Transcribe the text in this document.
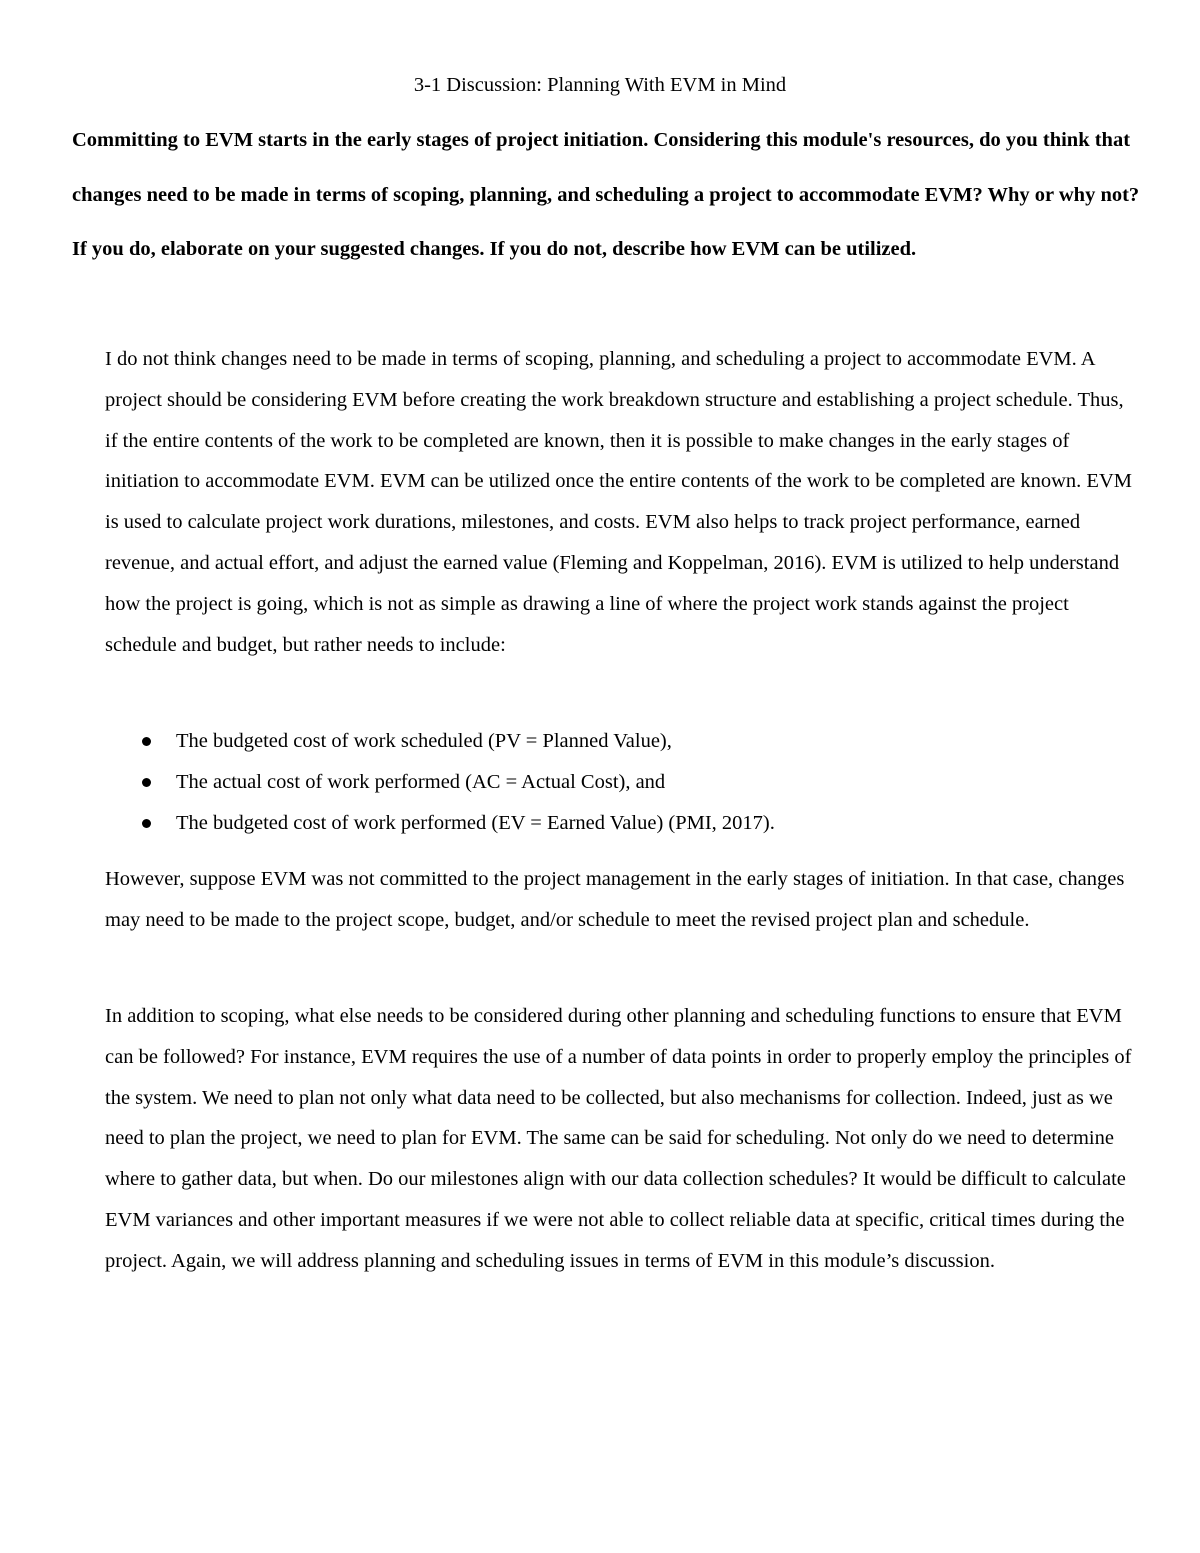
3-1 Discussion: Planning With EVM in Mind

Committing to EVM starts in the early stages of project initiation. Considering this module's resources, do you think that changes need to be made in terms of scoping, planning, and scheduling a project to accommodate EVM? Why or why not? If you do, elaborate on your suggested changes. If you do not, describe how EVM can be utilized.

I do not think changes need to be made in terms of scoping, planning, and scheduling a project to accommodate EVM. A project should be considering EVM before creating the work breakdown structure and establishing a project schedule. Thus, if the entire contents of the work to be completed are known, then it is possible to make changes in the early stages of initiation to accommodate EVM. EVM can be utilized once the entire contents of the work to be completed are known. EVM is used to calculate project work durations, milestones, and costs. EVM also helps to track project performance, earned revenue, and actual effort, and adjust the earned value (Fleming and Koppelman, 2016). EVM is utilized to help understand how the project is going, which is not as simple as drawing a line of where the project work stands against the project schedule and budget, but rather needs to include:

The budgeted cost of work scheduled (PV = Planned Value),
The actual cost of work performed (AC = Actual Cost), and
The budgeted cost of work performed (EV = Earned Value) (PMI, 2017).

However, suppose EVM was not committed to the project management in the early stages of initiation. In that case, changes may need to be made to the project scope, budget, and/or schedule to meet the revised project plan and schedule.

In addition to scoping, what else needs to be considered during other planning and scheduling functions to ensure that EVM can be followed? For instance, EVM requires the use of a number of data points in order to properly employ the principles of the system. We need to plan not only what data need to be collected, but also mechanisms for collection. Indeed, just as we need to plan the project, we need to plan for EVM. The same can be said for scheduling. Not only do we need to determine where to gather data, but when. Do our milestones align with our data collection schedules? It would be difficult to calculate EVM variances and other important measures if we were not able to collect reliable data at specific, critical times during the project. Again, we will address planning and scheduling issues in terms of EVM in this module’s discussion.
